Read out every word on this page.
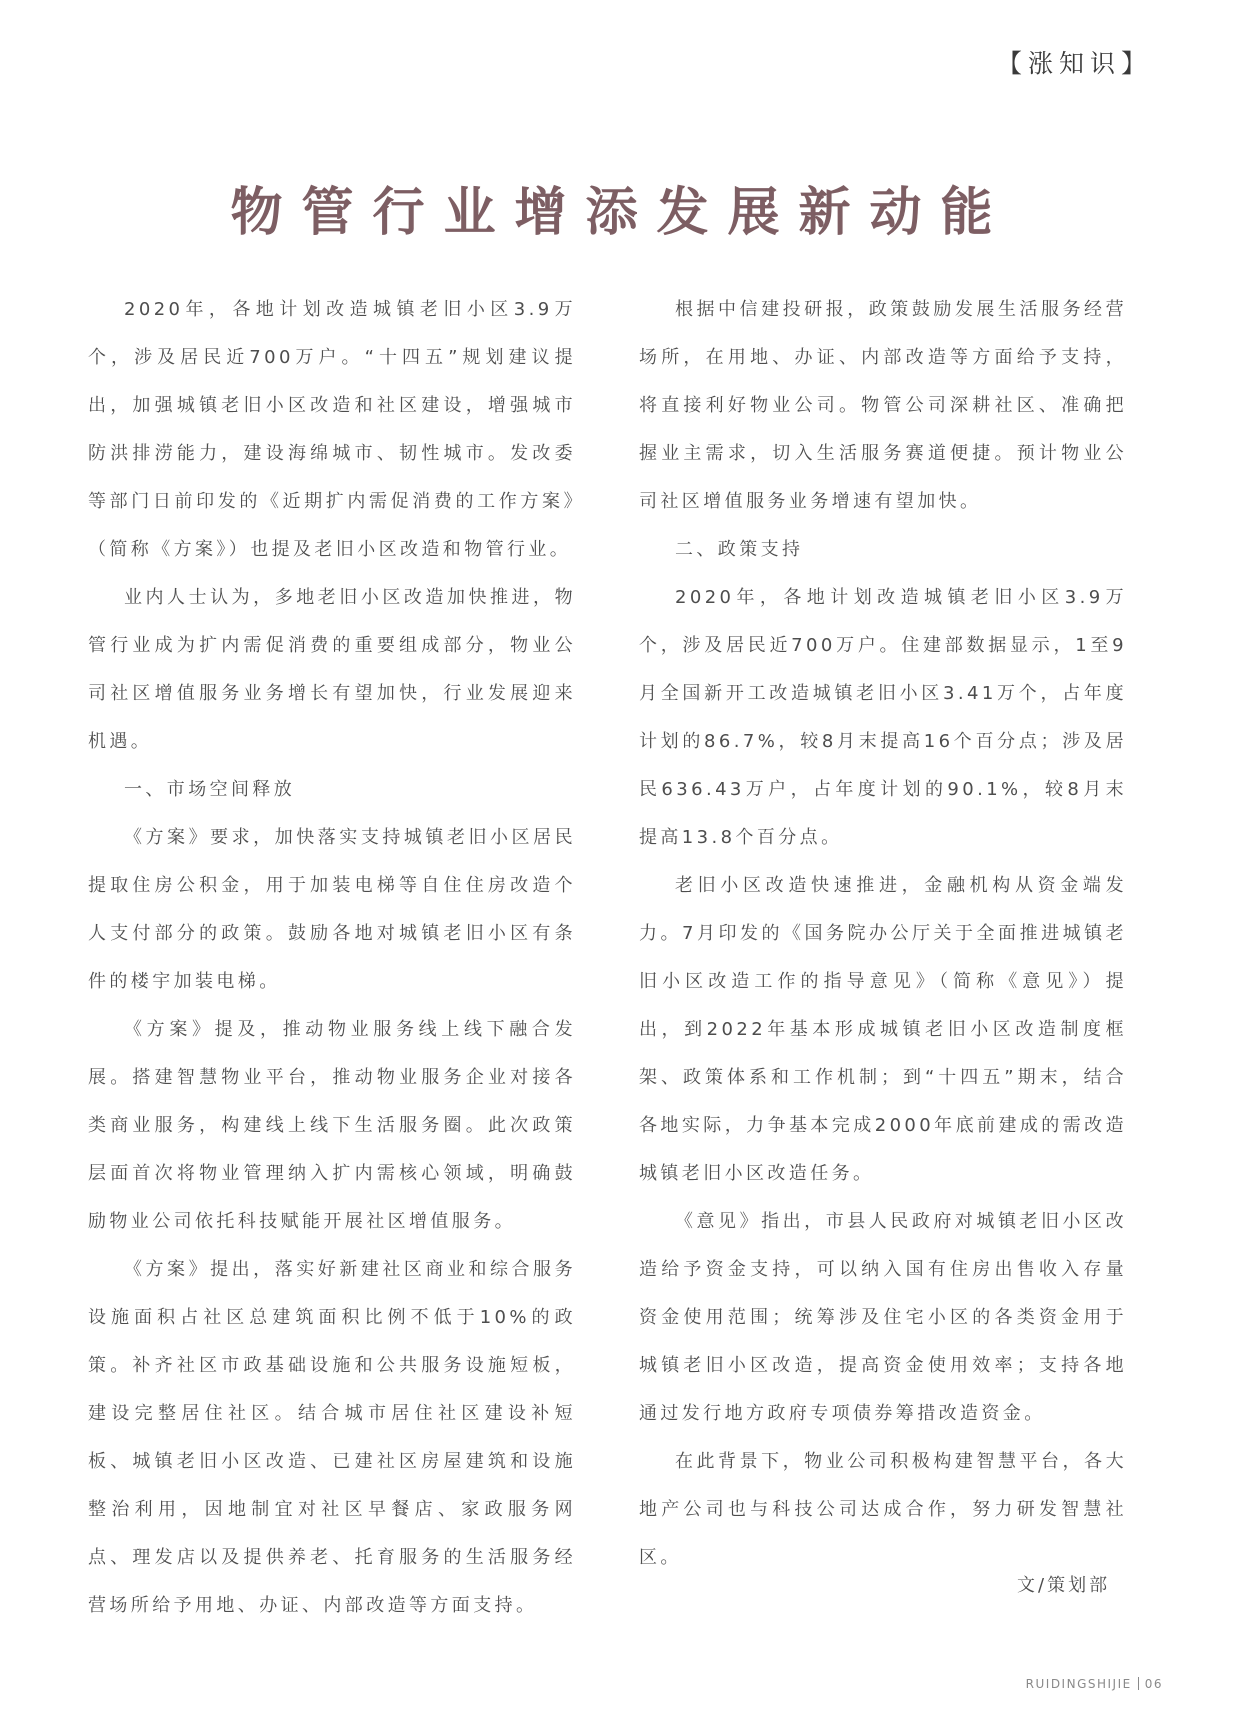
【涨知识】
物管行业增添发展新动能

2020年，各地计划改造城镇老旧小区3.9万个，涉及居民近700万户。“十四五”规划建议提出，加强城镇老旧小区改造和社区建设，增强城市防洪排涝能力，建设海绵城市、韧性城市。发改委等部门日前印发的《近期扩内需促消费的工作方案》（简称《方案》）也提及老旧小区改造和物管行业。

业内人士认为，多地老旧小区改造加快推进，物管行业成为扩内需促消费的重要组成部分，物业公司社区增值服务业务增长有望加快，行业发展迎来机遇。

一、市场空间释放

《方案》要求，加快落实支持城镇老旧小区居民提取住房公积金，用于加装电梯等自住住房改造个人支付部分的政策。鼓励各地对城镇老旧小区有条件的楼宇加装电梯。

《方案》提及，推动物业服务线上线下融合发展。搭建智慧物业平台，推动物业服务企业对接各类商业服务，构建线上线下生活服务圈。此次政策层面首次将物业管理纳入扩内需核心领域，明确鼓励物业公司依托科技赋能开展社区增值服务。

《方案》提出，落实好新建社区商业和综合服务设施面积占社区总建筑面积比例不低于10%的政策。补齐社区市政基础设施和公共服务设施短板，建设完整居住社区。结合城市居住社区建设补短板、城镇老旧小区改造、已建社区房屋建筑和设施整治利用，因地制宜对社区早餐店、家政服务网点、理发店以及提供养老、托育服务的生活服务经营场所给予用地、办证、内部改造等方面支持。

根据中信建投研报，政策鼓励发展生活服务经营场所，在用地、办证、内部改造等方面给予支持，将直接利好物业公司。物管公司深耕社区、准确把握业主需求，切入生活服务赛道便捷。预计物业公司社区增值服务业务增速有望加快。

二、政策支持

2020年，各地计划改造城镇老旧小区3.9万个，涉及居民近700万户。住建部数据显示，1至9月全国新开工改造城镇老旧小区3.41万个，占年度计划的86.7%，较8月末提高16个百分点；涉及居民636.43万户，占年度计划的90.1%，较8月末提高13.8个百分点。

老旧小区改造快速推进，金融机构从资金端发力。7月印发的《国务院办公厅关于全面推进城镇老旧小区改造工作的指导意见》（简称《意见》）提出，到2022年基本形成城镇老旧小区改造制度框架、政策体系和工作机制；到“十四五”期末，结合各地实际，力争基本完成2000年底前建成的需改造城镇老旧小区改造任务。

《意见》指出，市县人民政府对城镇老旧小区改造给予资金支持，可以纳入国有住房出售收入存量资金使用范围；统筹涉及住宅小区的各类资金用于城镇老旧小区改造，提高资金使用效率；支持各地通过发行地方政府专项债券筹措改造资金。

在此背景下，物业公司积极构建智慧平台，各大地产公司也与科技公司达成合作，努力研发智慧社区。

文/策划部
RUIDINGSHIJIE 06
